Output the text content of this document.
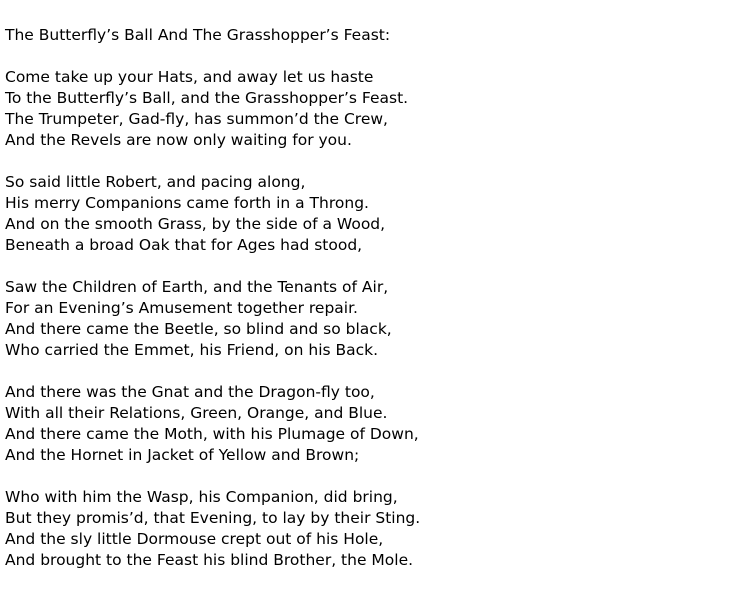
The Butterfly’s Ball And The Grasshopper’s Feast:
Come take up your Hats, and away let us haste
To the Butterfly’s Ball, and the Grasshopper’s Feast.
The Trumpeter, Gad-fly, has summon’d the Crew,
And the Revels are now only waiting for you.
So said little Robert, and pacing along,
His merry Companions came forth in a Throng.
And on the smooth Grass, by the side of a Wood,
Beneath a broad Oak that for Ages had stood,
Saw the Children of Earth, and the Tenants of Air,
For an Evening’s Amusement together repair.
And there came the Beetle, so blind and so black,
Who carried the Emmet, his Friend, on his Back.
And there was the Gnat and the Dragon-fly too,
With all their Relations, Green, Orange, and Blue.
And there came the Moth, with his Plumage of Down,
And the Hornet in Jacket of Yellow and Brown;
Who with him the Wasp, his Companion, did bring,
But they promis’d, that Evening, to lay by their Sting.
And the sly little Dormouse crept out of his Hole,
And brought to the Feast his blind Brother, the Mole.
